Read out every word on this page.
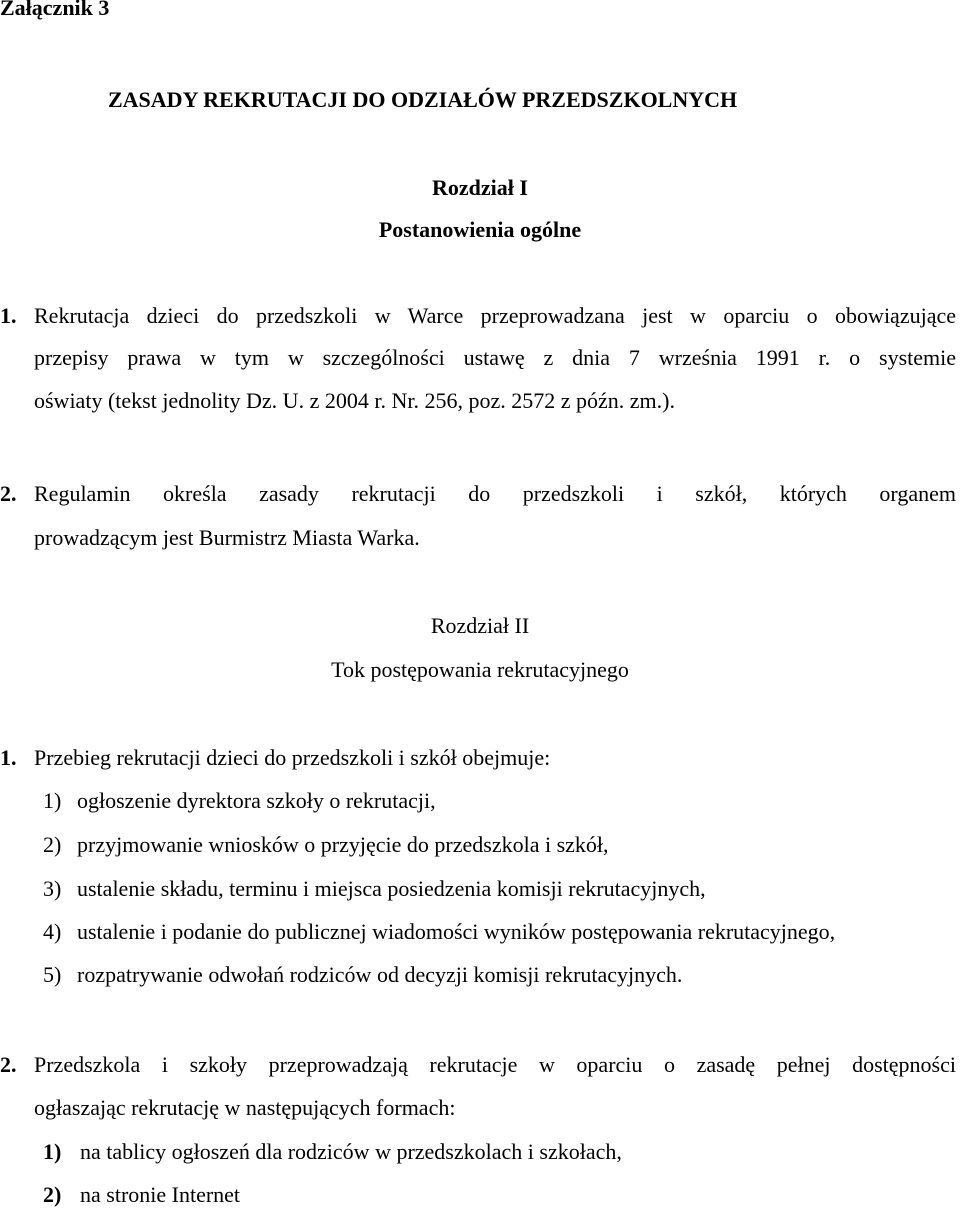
Załącznik 3
ZASADY REKRUTACJI DO ODZIAŁÓW PRZEDSZKOLNYCH
Rozdział I
Postanowienia ogólne
1. Rekrutacja dzieci do przedszkoli w Warce przeprowadzana jest w oparciu o obowiązujące
przepisy prawa w tym w szczególności ustawę z dnia 7 września 1991 r. o systemie
oświaty (tekst jednolity Dz. U. z 2004 r. Nr. 256, poz. 2572 z późn. zm.).
2. Regulamin określa zasady rekrutacji do przedszkoli i szkół, których organem
prowadzącym jest Burmistrz Miasta Warka.
Rozdział II
Tok postępowania rekrutacyjnego
1. Przebieg rekrutacji dzieci do przedszkoli i szkół obejmuje:
1) ogłoszenie dyrektora szkoły o rekrutacji,
2) przyjmowanie wniosków o przyjęcie do przedszkola i szkół,
3) ustalenie składu, terminu i miejsca posiedzenia komisji rekrutacyjnych,
4) ustalenie i podanie do publicznej wiadomości wyników postępowania rekrutacyjnego,
5) rozpatrywanie odwołań rodziców od decyzji komisji rekrutacyjnych.
2. Przedszkola i szkoły przeprowadzają rekrutacje w oparciu o zasadę pełnej dostępności
ogłaszając rekrutację w następujących formach:
1) na tablicy ogłoszeń dla rodziców w przedszkolach i szkołach,
2) na stronie Internet
